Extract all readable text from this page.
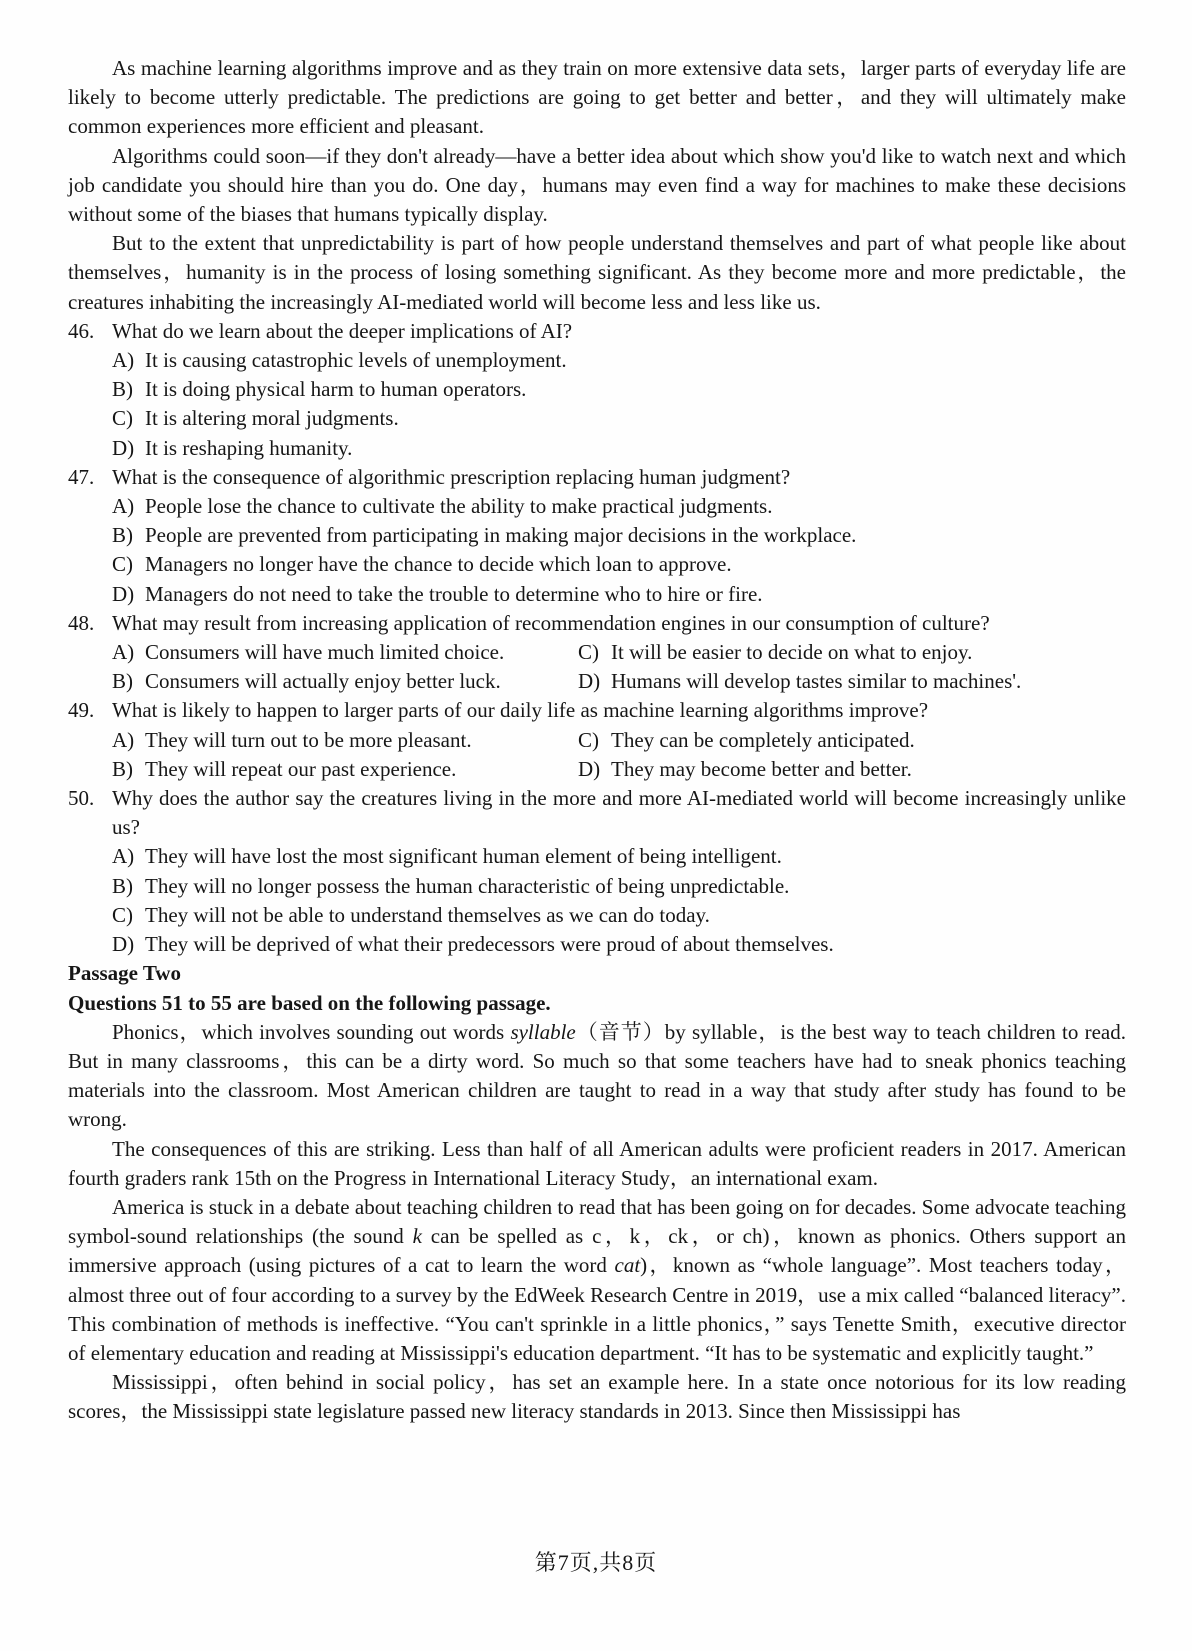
As machine learning algorithms improve and as they train on more extensive data sets，larger parts of everyday life are likely to become utterly predictable. The predictions are going to get better and better，and they will ultimately make common experiences more efficient and pleasant.

Algorithms could soon—if they don't already—have a better idea about which show you'd like to watch next and which job candidate you should hire than you do. One day，humans may even find a way for machines to make these decisions without some of the biases that humans typically display.

But to the extent that unpredictability is part of how people understand themselves and part of what people like about themselves，humanity is in the process of losing something significant. As they become more and more predictable，the creatures inhabiting the increasingly AI-mediated world will become less and less like us.

46. What do we learn about the deeper implications of AI?
A) It is causing catastrophic levels of unemployment.
B) It is doing physical harm to human operators.
C) It is altering moral judgments.
D) It is reshaping humanity.
47. What is the consequence of algorithmic prescription replacing human judgment?
A) People lose the chance to cultivate the ability to make practical judgments.
B) People are prevented from participating in making major decisions in the workplace.
C) Managers no longer have the chance to decide which loan to approve.
D) Managers do not need to take the trouble to determine who to hire or fire.
48. What may result from increasing application of recommendation engines in our consumption of culture?
A) Consumers will have much limited choice.	C) It will be easier to decide on what to enjoy.
B) Consumers will actually enjoy better luck.	D) Humans will develop tastes similar to machines'.
49. What is likely to happen to larger parts of our daily life as machine learning algorithms improve?
A) They will turn out to be more pleasant.	C) They can be completely anticipated.
B) They will repeat our past experience.	D) They may become better and better.
50. Why does the author say the creatures living in the more and more AI-mediated world will become increasingly unlike us?
A) They will have lost the most significant human element of being intelligent.
B) They will no longer possess the human characteristic of being unpredictable.
C) They will not be able to understand themselves as we can do today.
D) They will be deprived of what their predecessors were proud of about themselves.

Passage Two

Questions 51 to 55 are based on the following passage.

Phonics，which involves sounding out words syllable（音节）by syllable，is the best way to teach children to read. But in many classrooms，this can be a dirty word. So much so that some teachers have had to sneak phonics teaching materials into the classroom. Most American children are taught to read in a way that study after study has found to be wrong.

The consequences of this are striking. Less than half of all American adults were proficient readers in 2017. American fourth graders rank 15th on the Progress in International Literacy Study，an international exam.

America is stuck in a debate about teaching children to read that has been going on for decades. Some advocate teaching symbol-sound relationships (the sound k can be spelled as c，k，ck，or ch)，known as phonics. Others support an immersive approach (using pictures of a cat to learn the word cat)，known as “whole language”. Most teachers today，almost three out of four according to a survey by the EdWeek Research Centre in 2019，use a mix called “balanced literacy”. This combination of methods is ineffective. “You can't sprinkle in a little phonics，” says Tenette Smith，executive director of elementary education and reading at Mississippi's education department. “It has to be systematic and explicitly taught.”

Mississippi，often behind in social policy，has set an example here. In a state once notorious for its low reading scores，the Mississippi state legislature passed new literacy standards in 2013. Since then Mississippi has

第7页,共8页
